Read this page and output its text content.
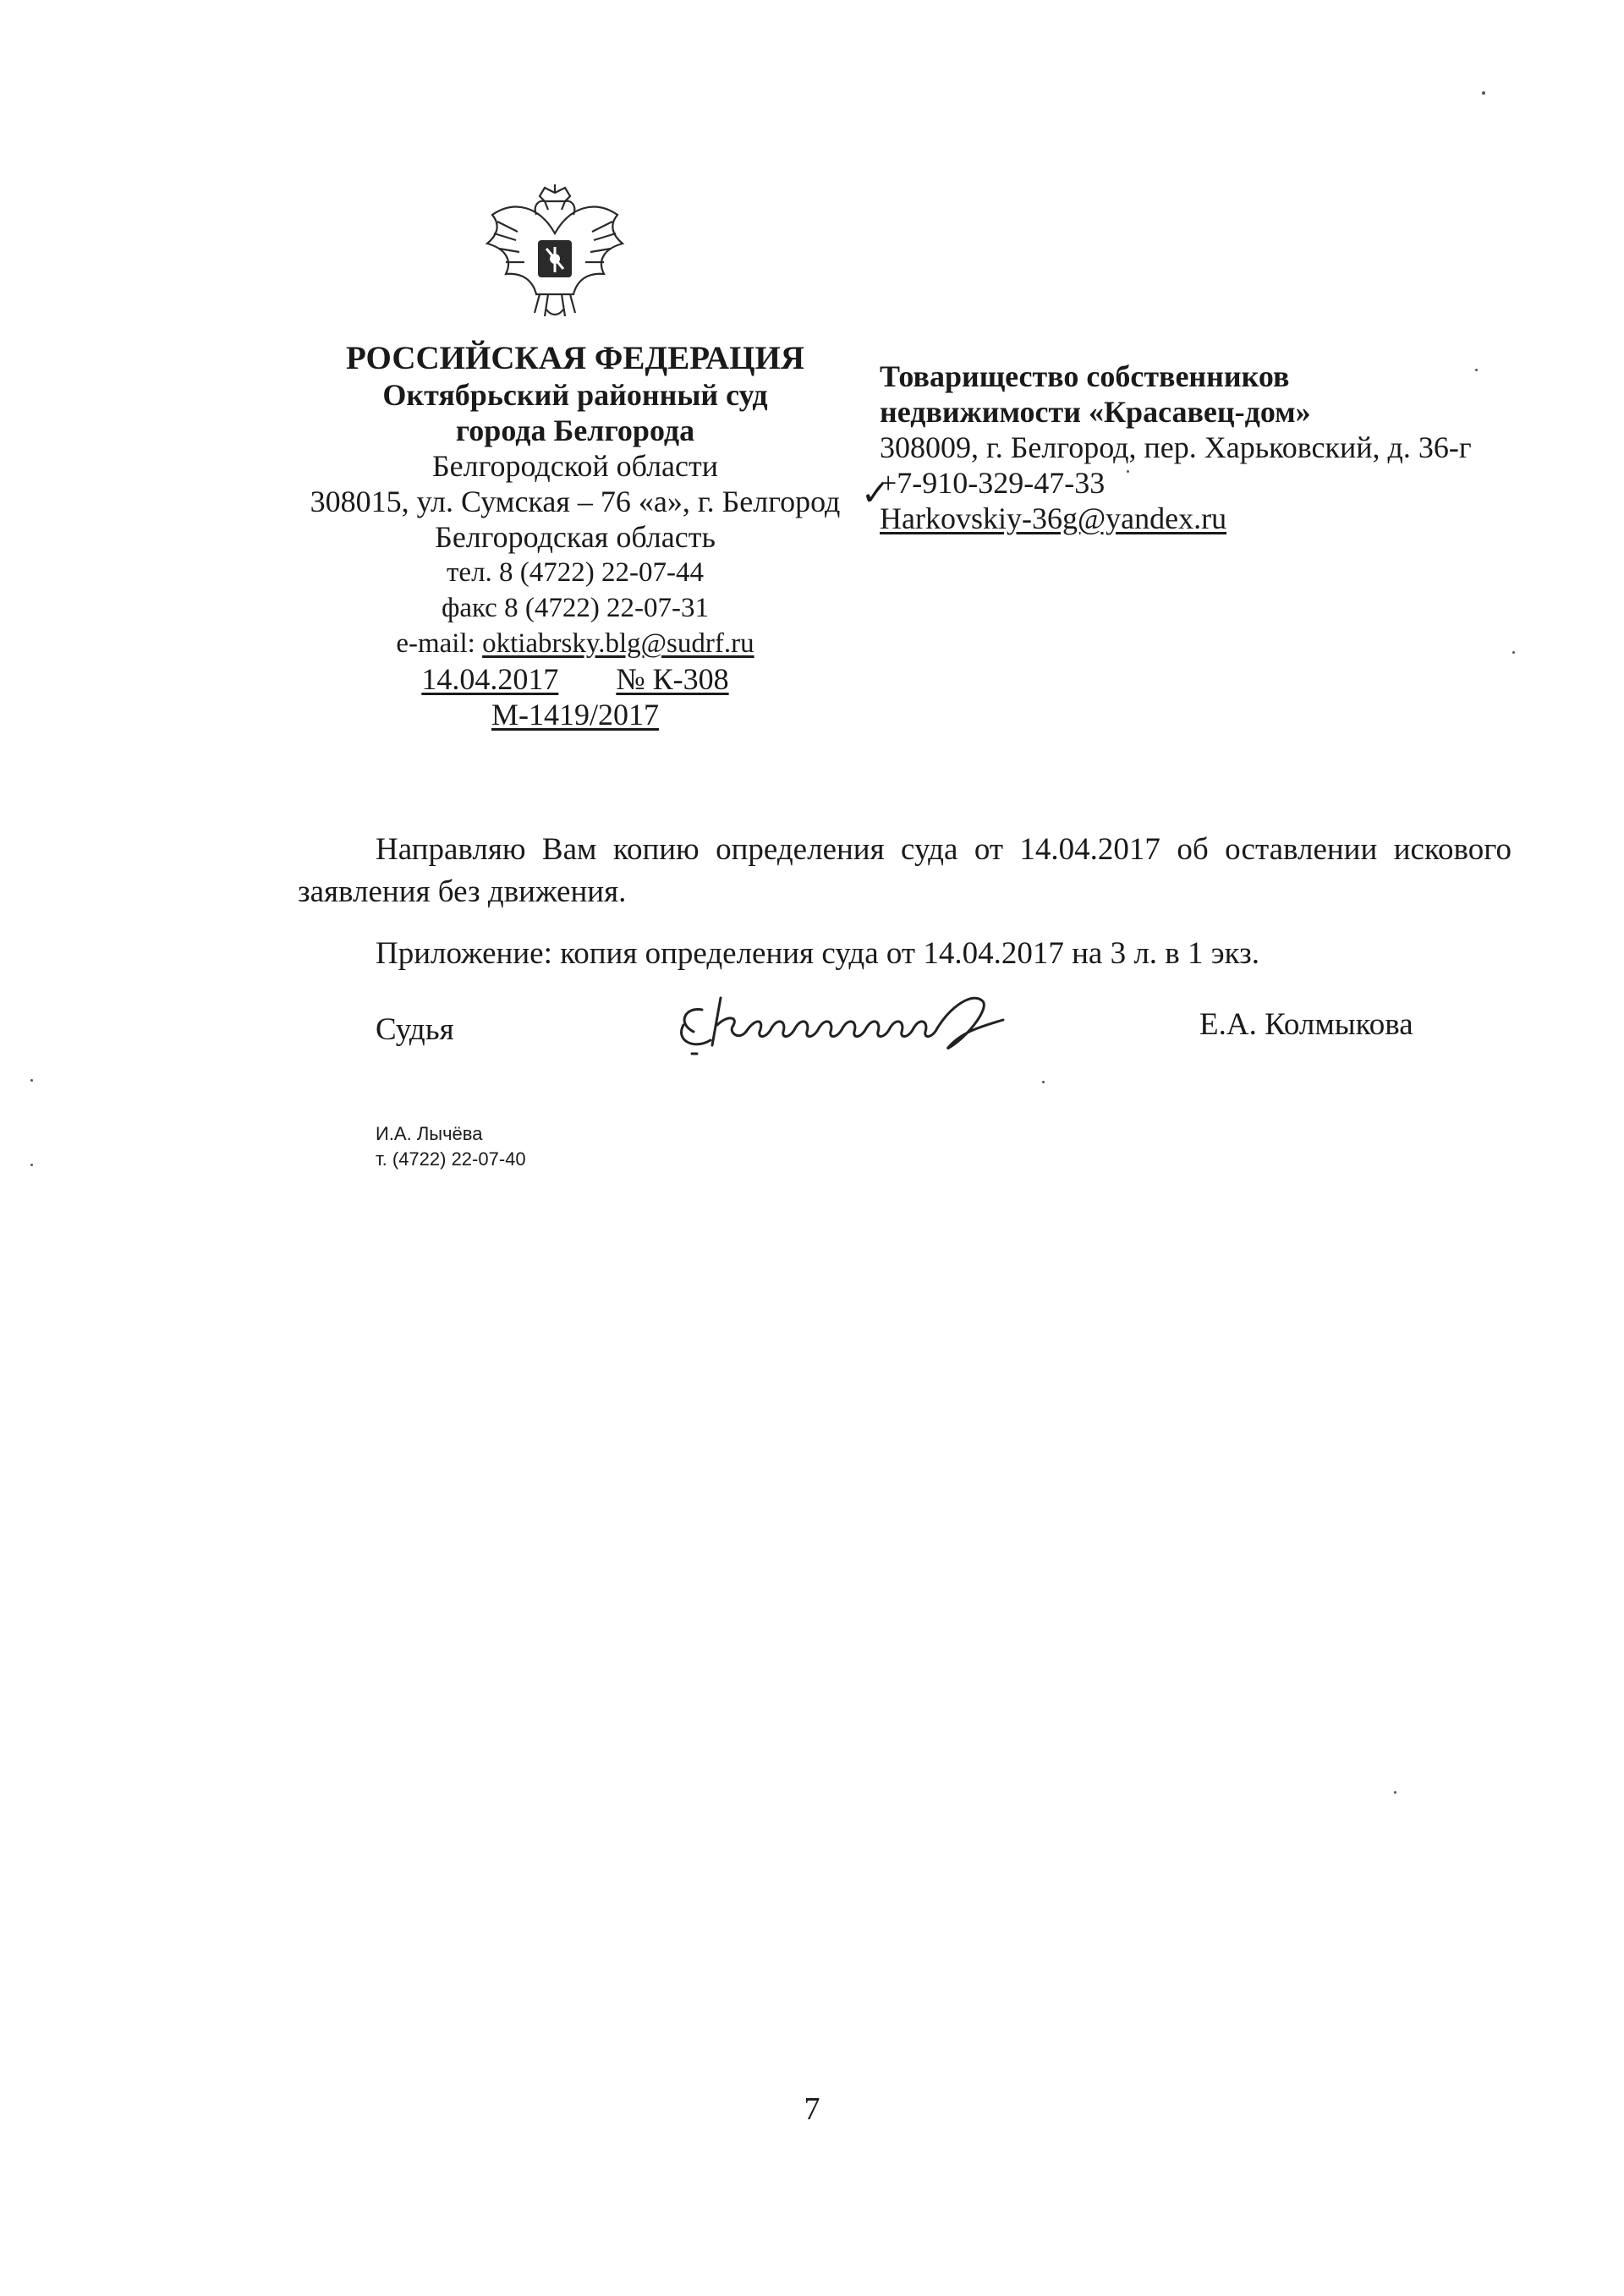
РОССИЙСКАЯ ФЕДЕРАЦИЯ
Октябрьский районный суд
города Белгорода
Белгородской области
308015, ул. Сумская – 76 «а», г. Белгород
Белгородская область
тел. 8 (4722) 22-07-44
факс 8 (4722) 22-07-31
e-mail: oktiabrsky.blg@sudrf.ru
14.04.2017 № К-308
М-1419/2017
✓
Товарищество собственников
недвижимости «Красавец-дом»
308009, г. Белгород, пер. Харьковский, д. 36-г
+7-910-329-47-33
Harkovskiy-36g@yandex.ru

Направляю Вам копию определения суда от 14.04.2017 об оставлении искового заявления без движения.

Приложение: копия определения суда от 14.04.2017 на 3 л. в 1 экз.
Судья	Е.А. Колмыкова
И.А. Лычёва
т. (4722) 22-07-40
7
